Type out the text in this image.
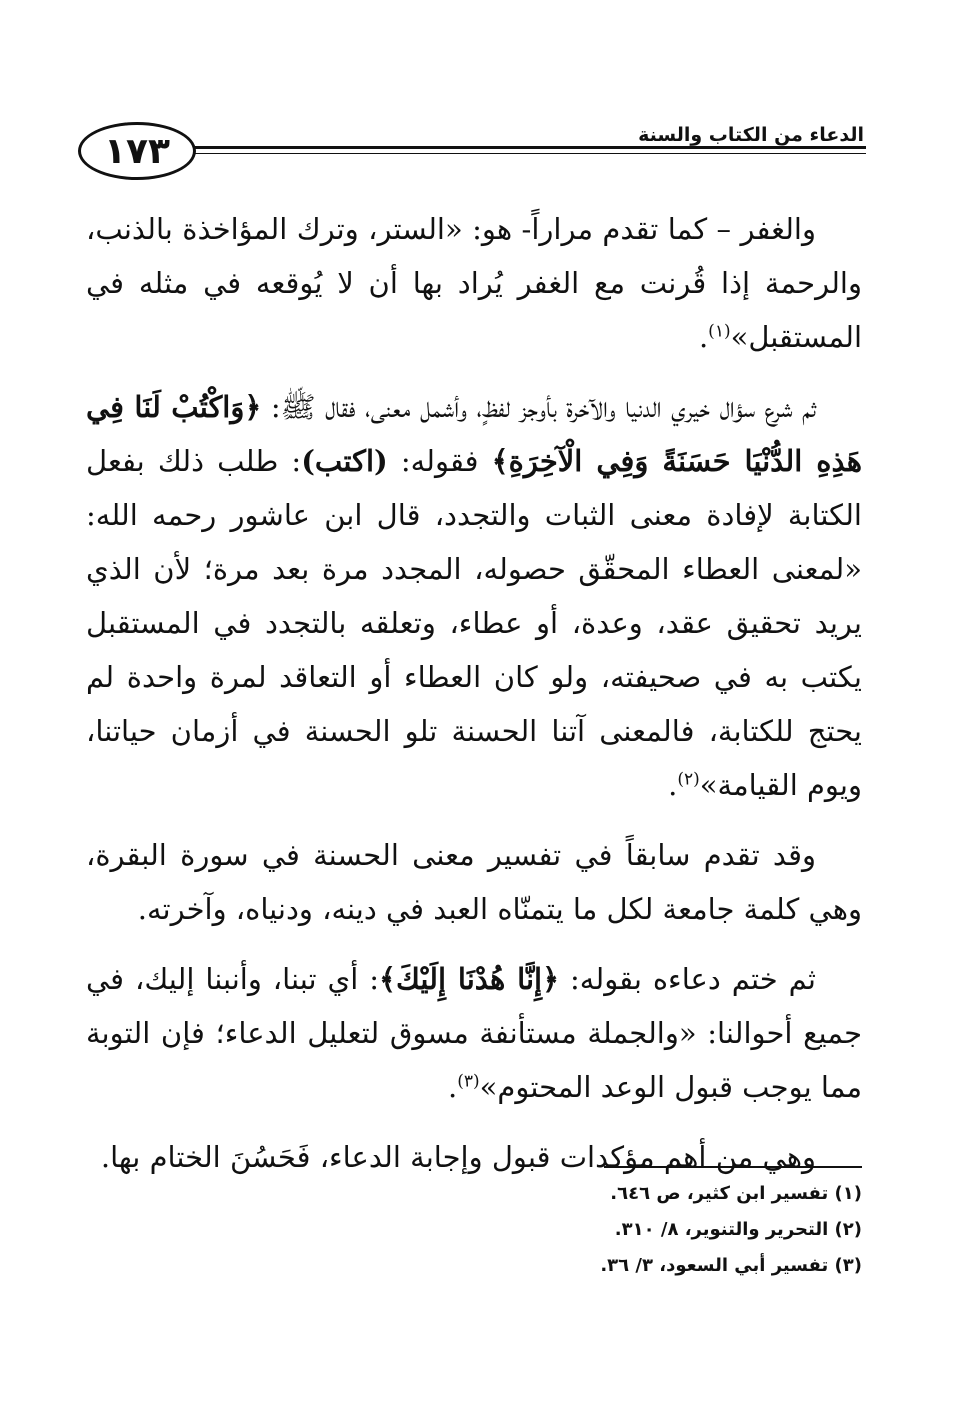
١٧٣	الدعاء من الكتاب والسنة

والغفر – كما تقدم مراراً- هو: «الستر، وترك المؤاخذة بالذنب، والرحمة إذا قُرنت مع الغفر يُراد بها أن لا يُوقعه في مثله في المستقبل»$^{(١)}$.

ثم شرع سؤال خيري الدنيا والآخرة بأوجز لفظٍ، وأشمل معنى، فقال ﷺ: ﴿وَاكْتُبْ لَنَا فِي هَذِهِ الدُّنْيَا حَسَنَةً وَفِي الْآخِرَةِ﴾ فقوله: (اكتب): طلب ذلك بفعل الكتابة لإفادة معنى الثبات والتجدد، قال ابن عاشور رحمه الله: «لمعنى العطاء المحقّق حصوله، المجدد مرة بعد مرة؛ لأن الذي يريد تحقيق عقد، وعدة، أو عطاء، وتعلقه بالتجدد في المستقبل يكتب به في صحيفته، ولو كان العطاء أو التعاقد لمرة واحدة لم يحتج للكتابة، فالمعنى آتنا الحسنة تلو الحسنة في أزمان حياتنا، ويوم القيامة»$^{(٢)}$.

وقد تقدم سابقاً في تفسير معنى الحسنة في سورة البقرة، وهي كلمة جامعة لكل ما يتمنّاه العبد في دينه، ودنياه، وآخرته.

ثم ختم دعاءه بقوله: ﴿إِنَّا هُدْنَا إِلَيْكَ﴾: أي تبنا، وأنبنا إليك، في جميع أحوالنا: «والجملة مستأنفة مسوق لتعليل الدعاء؛ فإن التوبة مما يوجب قبول الوعد المحتوم»$^{(٣)}$.

وهي من أهم مؤكدات قبول وإجابة الدعاء، فَحَسُنَ الختام بها.

(١) تفسير ابن كثير، ص ٦٤٦.
(٢) التحرير والتنوير، ٨/ ٣١٠.
(٣) تفسير أبي السعود، ٣/ ٣٦.
